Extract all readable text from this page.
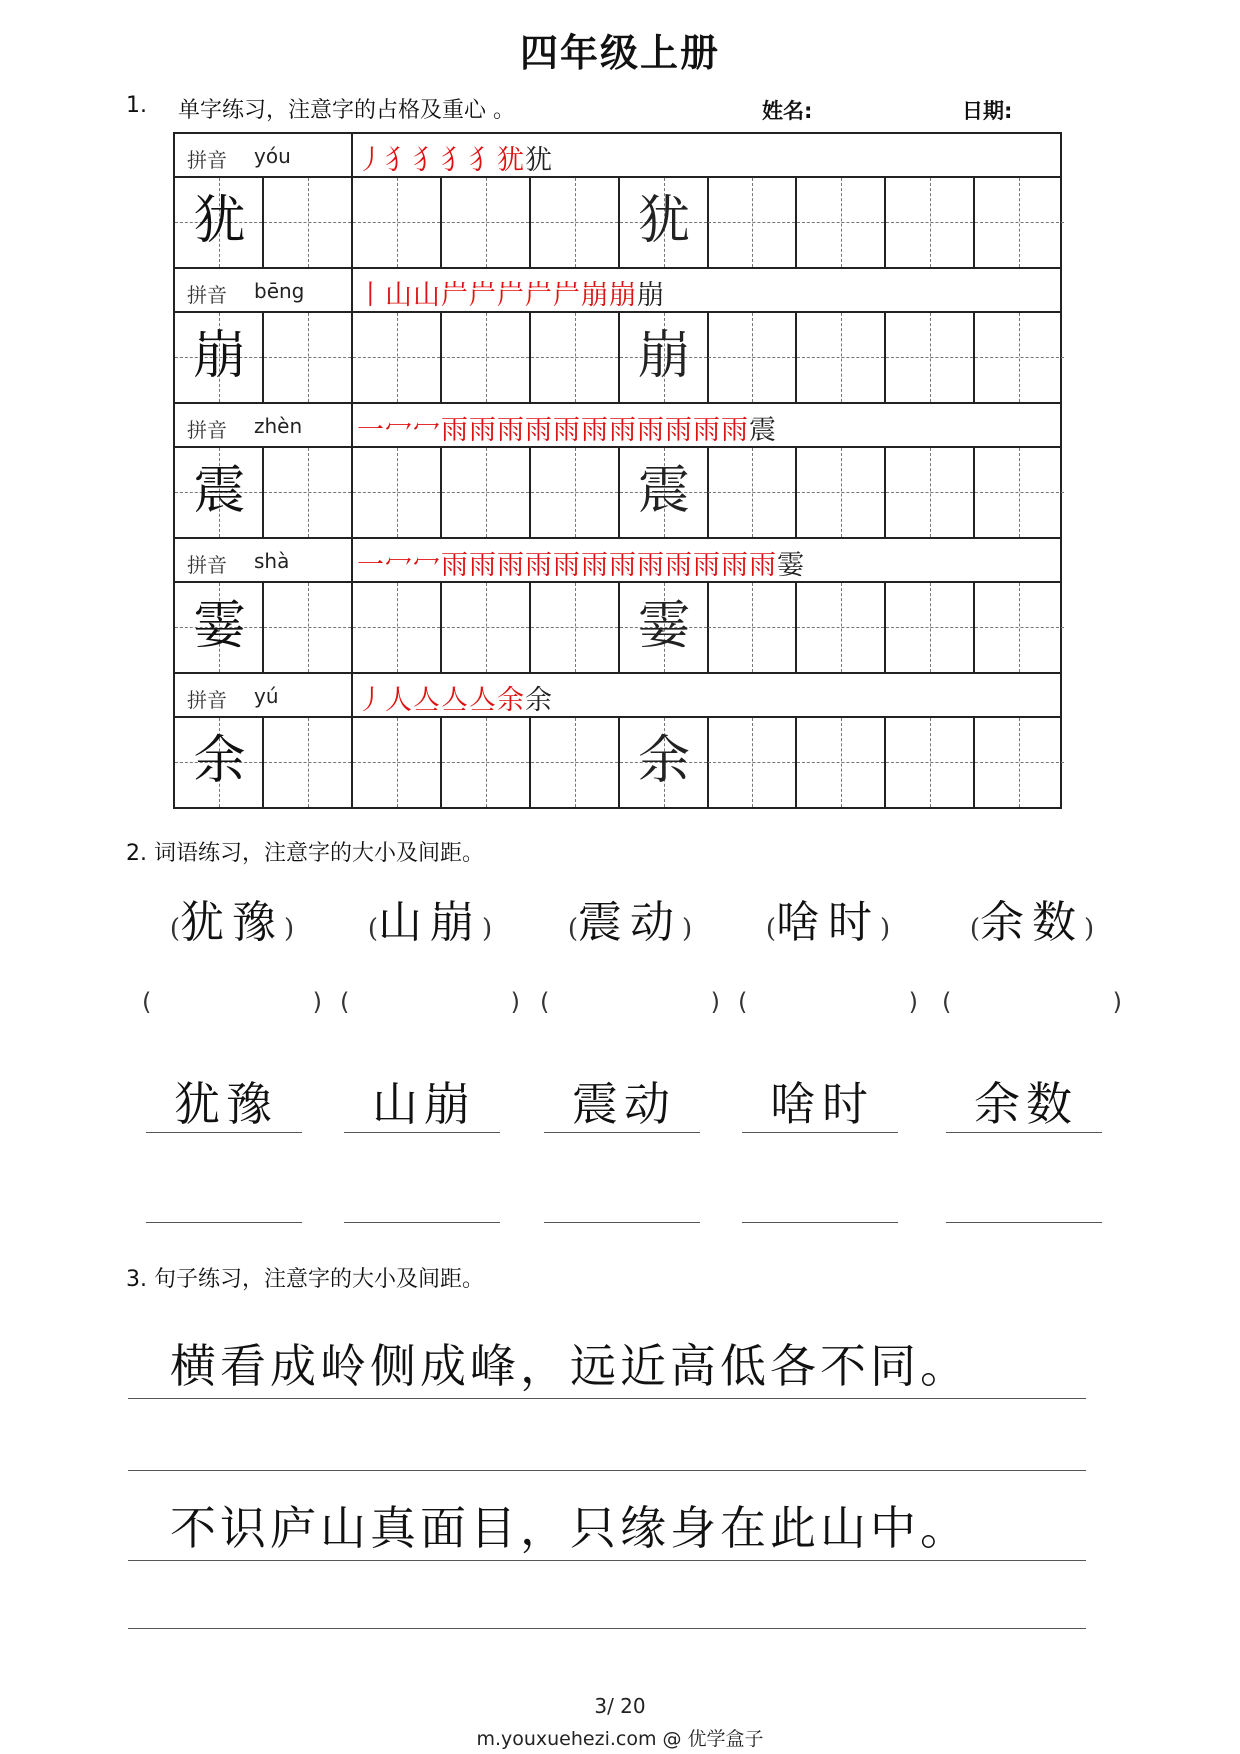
四年级上册
1. 单字练习，注意字的占格及重心 。	姓名:	日期:
拼音 yóu 丿犭犭犭犭犹犹
犹	犹
拼音 bēng 丨山山屵屵屵屵屵崩崩崩
崩	崩
拼音 zhèn 一冖冖雨雨雨雨雨雨雨雨雨雨雨震
震	震
拼音 shà	一冖冖雨雨雨雨雨雨雨雨雨雨雨雨霎
霎	霎
拼音 yú	丿人亼亼亼余余
余	余
2. 词语练习，注意字的大小及间距。
(犹豫)
(	)
犹豫
(山崩)
(	)
山崩
(震动)
(	)
震动
(啥时)
(	)
啥时
(余数)
(	)
余数
3. 句子练习，注意字的大小及间距。
横看成岭侧成峰，远近高低各不同。
不识庐山真面目，只缘身在此山中。
3/ 20
m.youxuehezi.com @ 优学盒子
